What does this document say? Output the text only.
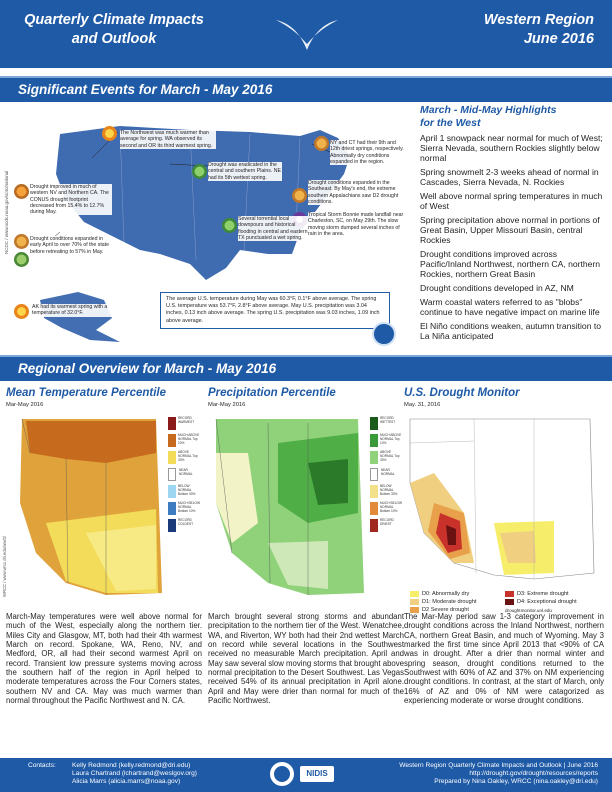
Quarterly Climate Impacts
and Outlook
Western Region
June 2016
Significant Events for March - May 2016
NCDC / www.ncdc.noaa.gov/sotc/national
The Northwest was much warmer than average for spring. WA observed its second and OR its third warmest spring.
Drought improved in much of western NV and Northern CA. The CONUS drought footprint decreased from 15.4% to 12.7% during May.
Drought conditions expanded in early April to over 70% of the state before retreating to 57% in May.
AK had its warmest spring with a temperature of 32.0°F.
Drought was eradicated in the central and southern Plains. NE had its 5th wettest spring.
Several torrential local downpours and historical flooding in central and eastern TX punctuated a wet spring.
NY and CT had their 9th and 12th driest springs, respectively. Abnormally dry conditions expanded in the region.
Drought conditions expanded in the Southeast. By May's end, the extreme southern Appalachians saw D2 drought conditions.
Tropical Storm Bonnie made landfall near Charleston, SC, on May 29th. The slow moving storm dumped several inches of rain in the area.
The average U.S. temperature during May was 60.3°F, 0.1°F above average. The spring U.S. temperature was 53.7°F, 2.8°F above average. May U.S. precipitation was 3.04 inches, 0.13 inch above average. The spring U.S. precipitation was 9.03 inches, 1.09 inch above average.
March - Mid-May Highlights
for the West
April 1 snowpack near normal for much of West; Sierra Nevada, southern Rockies slightly below normal
Spring snowmelt 2-3 weeks ahead of normal in Cascades, Sierra Nevada, N. Rockies
Well above normal spring temperatures in much of West
Spring precipitation above normal in portions of Great Basin, Upper Missouri Basin, central Rockies
Drought conditions improved across Pacific/Inland Northwest, northern CA, northern Rockies, northern Great Basin
Drought conditions developed in AZ, NM
Warm coastal waters referred to as "blobs" continue to have negative impact on marine life
El Niño conditions weaken, autumn transition to La Niña anticipated
Regional Overview for March - May 2016
Mean Temperature Percentile
Mar-May 2016
RECORD WARMEST
MUCH ABOVE NORMAL Top 10%
ABOVE NORMAL Top 33%
NEAR NORMAL
BELOW NORMAL Bottom 33%
MUCH BELOW NORMAL Bottom 10%
RECORD COLDEST
WRCC / www.wrcc.dri.edu/wwdt/
Precipitation Percentile
Mar-May 2016
RECORD WETTEST
MUCH ABOVE NORMAL Top 10%
ABOVE NORMAL Top 33%
NEAR NORMAL
BELOW NORMAL Bottom 33%
MUCH BELOW NORMAL Bottom 10%
RECORD DRIEST
U.S. Drought Monitor
May. 31, 2016
D0: Abnormally dry	D3: Extreme drought
D1: Moderate drought	D4: Exceptional drought
D2 Severe drought	droughtmonitor.unl.edu
March-May temperatures were well above normal for much of the West, especially along the northern tier. Miles City and Glasgow, MT, both had their 4th warmest March on record. Spokane, WA, Reno, NV, and Medford, OR, all had their second warmest April on record. Transient low pressure systems moving across the southern half of the region in April helped to moderate temperatures across the Four Corners states, southern NV and CA. May was much warmer than normal throughout the Pacific Northwest and N. CA.
March brought several strong storms and abundant precipitation to the northern tier of the West. Wenatchee, WA, and Riverton, WY both had their 2nd wettest March on record while several locations in the Southwest received no measurable March precipitation. April and May saw several slow moving storms that brought above normal precipitation to the Desert Southwest. Las Vegas received 54% of its annual precipitation in April alone. April and May were drier than normal for much of the Pacific Northwest.
The Mar-May period saw 1-3 category improvement in drought conditions across the Inland Northwest, northern CA, northern Great Basin, and much of Wyoming. May 3 marked the first time since April 2013 that <90% of CA was in drought. After a drier than normal winter and spring season, drought conditions returned to the Southwest with 60% of AZ and 37% on NM experiencing drought conditions. In contrast, at the start of March, only 16% of AZ and 0% of NM were catagorized as experiencing moderate or worse drought conditions.
Contacts: Kelly Redmond (kelly.redmond@dri.edu)
Laura Chartrand (lchartrand@weslgov.org)
Alicia Marrs (alicia.marrs@noaa.gov)
NIDIS
Western Region Quarterly Climate Impacts and Outlook | June 2016
http://drought.gov/drought/resources/reports
Prepared by Nina Oakley, WRCC (nina.oakley@dri.edu)
